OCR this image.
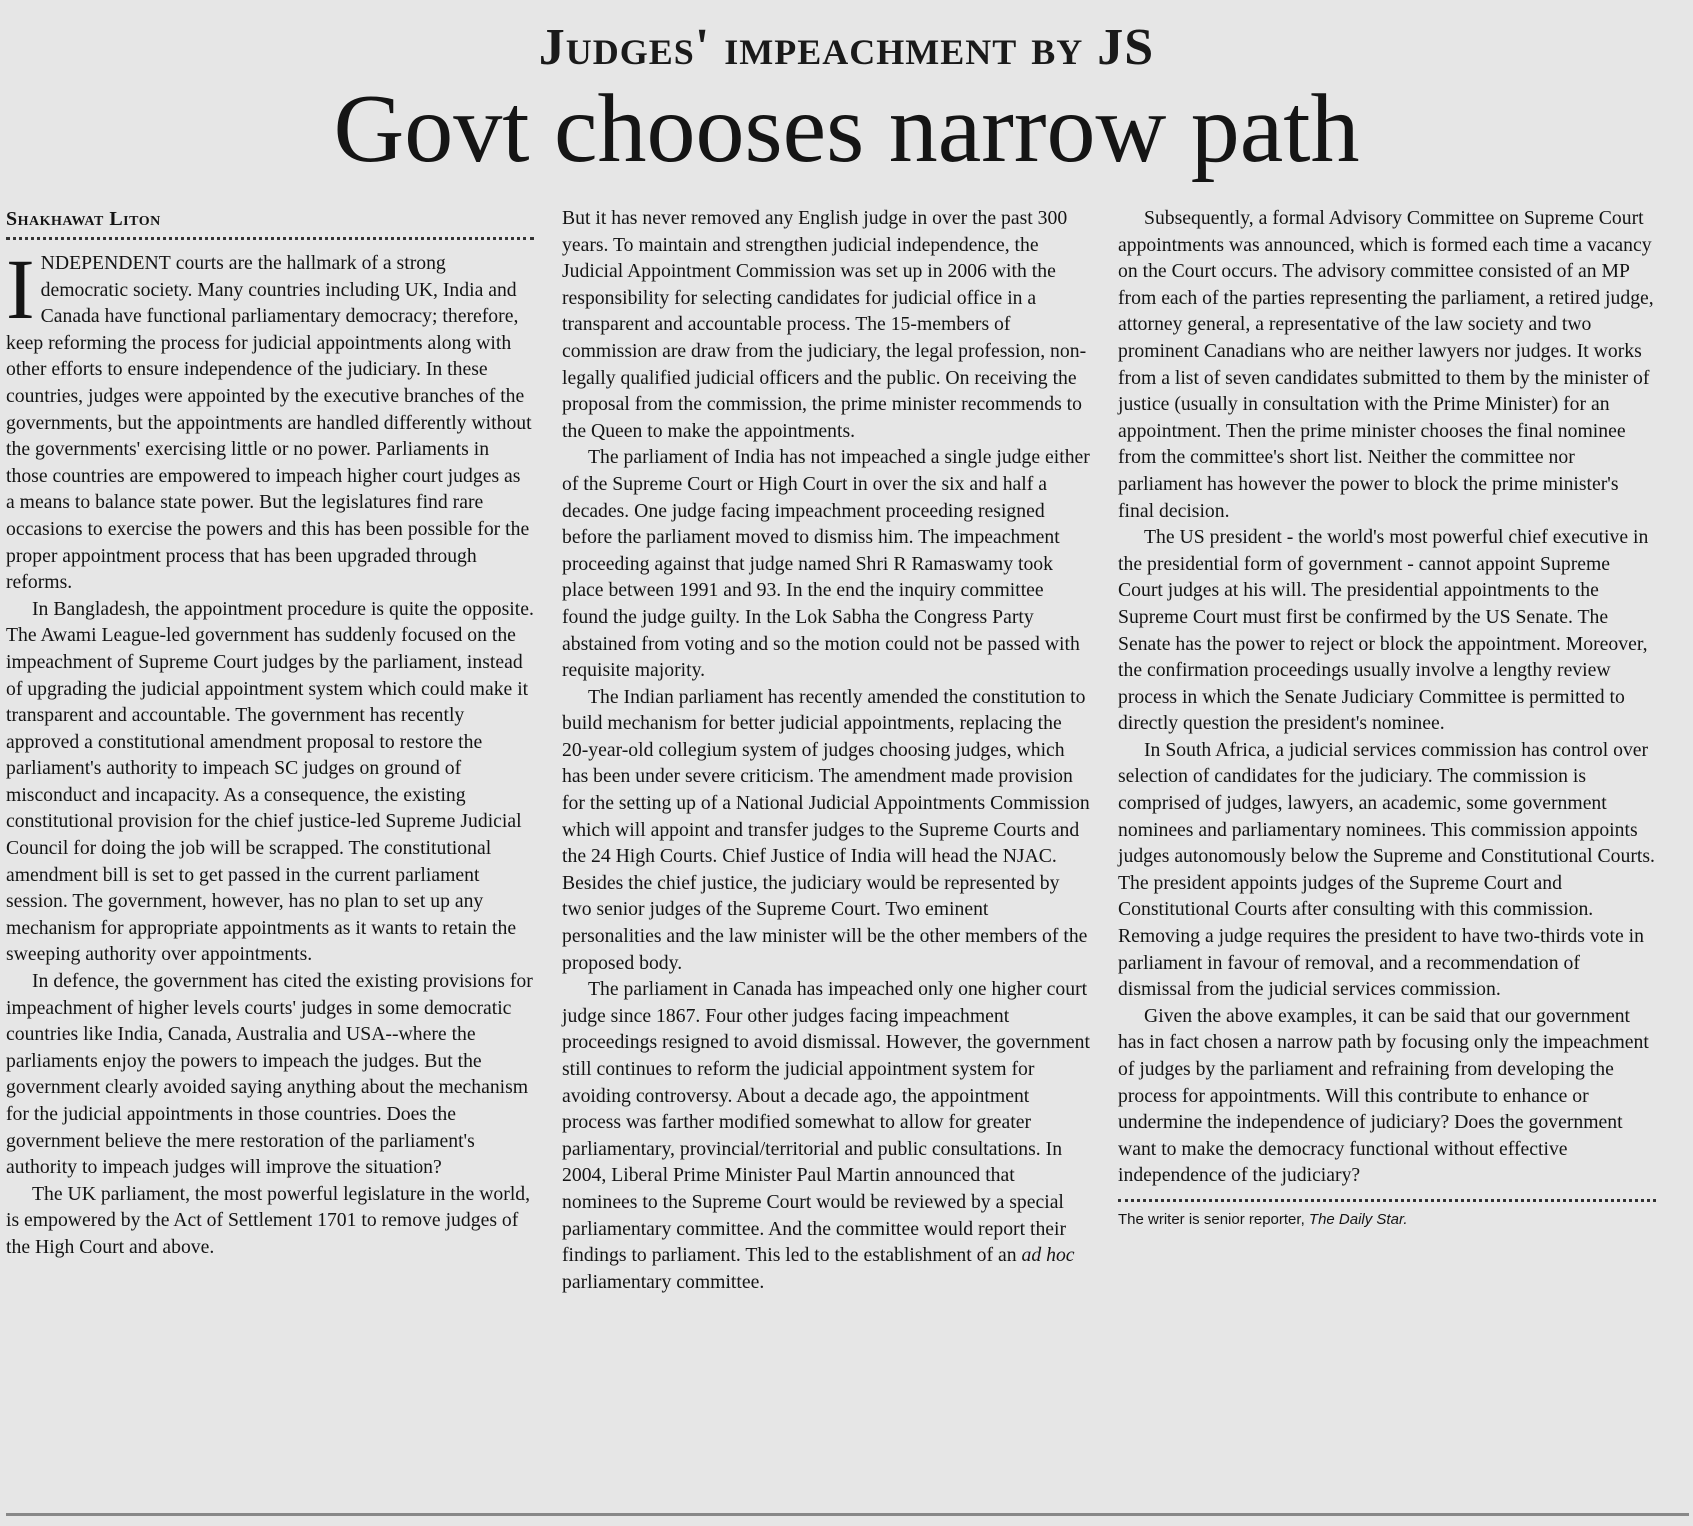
Judges' impeachment by JS
Govt chooses narrow path
Shakhawat Liton

INDEPENDENT courts are the hallmark of a strong democratic society. Many countries including UK, India and Canada have functional parliamentary democracy; therefore, keep reforming the process for judicial appointments along with other efforts to ensure independence of the judiciary. In these countries, judges were appointed by the executive branches of the governments, but the appointments are handled differently without the governments' exercising little or no power. Parliaments in those countries are empowered to impeach higher court judges as a means to balance state power. But the legislatures find rare occasions to exercise the powers and this has been possible for the proper appointment process that has been upgraded through reforms.

In Bangladesh, the appointment procedure is quite the opposite. The Awami League-led government has suddenly focused on the impeachment of Supreme Court judges by the parliament, instead of upgrading the judicial appointment system which could make it transparent and accountable. The government has recently approved a constitutional amendment proposal to restore the parliament's authority to impeach SC judges on ground of misconduct and incapacity. As a consequence, the existing constitutional provision for the chief justice-led Supreme Judicial Council for doing the job will be scrapped. The constitutional amendment bill is set to get passed in the current parliament session. The government, however, has no plan to set up any mechanism for appropriate appointments as it wants to retain the sweeping authority over appointments.

In defence, the government has cited the existing provisions for impeachment of higher levels courts' judges in some democratic countries like India, Canada, Australia and USA--where the parliaments enjoy the powers to impeach the judges. But the government clearly avoided saying anything about the mechanism for the judicial appointments in those countries. Does the government believe the mere restoration of the parliament's authority to impeach judges will improve the situation?

The UK parliament, the most powerful legislature in the world, is empowered by the Act of Settlement 1701 to remove judges of the High Court and above.

But it has never removed any English judge in over the past 300 years. To maintain and strengthen judicial independence, the Judicial Appointment Commission was set up in 2006 with the responsibility for selecting candidates for judicial office in a transparent and accountable process. The 15-members of commission are draw from the judiciary, the legal profession, non-legally qualified judicial officers and the public. On receiving the proposal from the commission, the prime minister recommends to the Queen to make the appointments.

The parliament of India has not impeached a single judge either of the Supreme Court or High Court in over the six and half a decades. One judge facing impeachment proceeding resigned before the parliament moved to dismiss him. The impeachment proceeding against that judge named Shri R Ramaswamy took place between 1991 and 93. In the end the inquiry committee found the judge guilty. In the Lok Sabha the Congress Party abstained from voting and so the motion could not be passed with requisite majority.

The Indian parliament has recently amended the constitution to build mechanism for better judicial appointments, replacing the 20-year-old collegium system of judges choosing judges, which has been under severe criticism. The amendment made provision for the setting up of a National Judicial Appointments Commission which will appoint and transfer judges to the Supreme Courts and the 24 High Courts. Chief Justice of India will head the NJAC. Besides the chief justice, the judiciary would be represented by two senior judges of the Supreme Court. Two eminent personalities and the law minister will be the other members of the proposed body.

The parliament in Canada has impeached only one higher court judge since 1867. Four other judges facing impeachment proceedings resigned to avoid dismissal. However, the government still continues to reform the judicial appointment system for avoiding controversy. About a decade ago, the appointment process was farther modified somewhat to allow for greater parliamentary, provincial/territorial and public consultations. In 2004, Liberal Prime Minister Paul Martin announced that nominees to the Supreme Court would be reviewed by a special parliamentary committee. And the committee would report their findings to parliament. This led to the establishment of an ad hoc parliamentary committee.

Subsequently, a formal Advisory Committee on Supreme Court appointments was announced, which is formed each time a vacancy on the Court occurs. The advisory committee consisted of an MP from each of the parties representing the parliament, a retired judge, attorney general, a representative of the law society and two prominent Canadians who are neither lawyers nor judges. It works from a list of seven candidates submitted to them by the minister of justice (usually in consultation with the Prime Minister) for an appointment. Then the prime minister chooses the final nominee from the committee's short list. Neither the committee nor parliament has however the power to block the prime minister's final decision.

The US president - the world's most powerful chief executive in the presidential form of government - cannot appoint Supreme Court judges at his will. The presidential appointments to the Supreme Court must first be confirmed by the US Senate. The Senate has the power to reject or block the appointment. Moreover, the confirmation proceedings usually involve a lengthy review process in which the Senate Judiciary Committee is permitted to directly question the president's nominee.

In South Africa, a judicial services commission has control over selection of candidates for the judiciary. The commission is comprised of judges, lawyers, an academic, some government nominees and parliamentary nominees. This commission appoints judges autonomously below the Supreme and Constitutional Courts. The president appoints judges of the Supreme Court and Constitutional Courts after consulting with this commission. Removing a judge requires the president to have two-thirds vote in parliament in favour of removal, and a recommendation of dismissal from the judicial services commission.

Given the above examples, it can be said that our government has in fact chosen a narrow path by focusing only the impeachment of judges by the parliament and refraining from developing the process for appointments. Will this contribute to enhance or undermine the independence of judiciary? Does the government want to make the democracy functional without effective independence of the judiciary?

The writer is senior reporter, The Daily Star.
